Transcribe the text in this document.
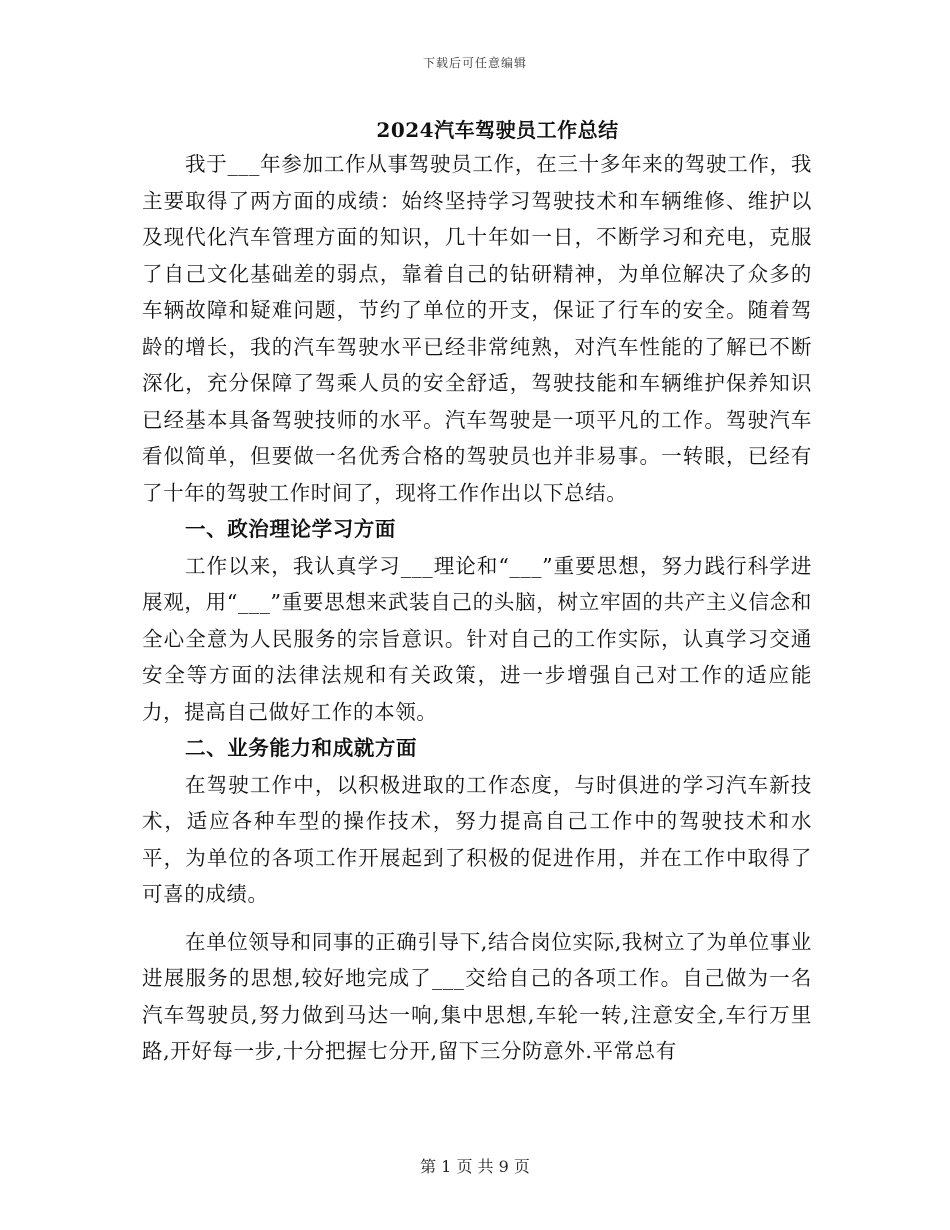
下载后可任意编辑
2024汽车驾驶员工作总结

我于___年参加工作从事驾驶员工作，在三十多年来的驾驶工作，我主要取得了两方面的成绩：始终坚持学习驾驶技术和车辆维修、维护以及现代化汽车管理方面的知识，几十年如一日，不断学习和充电，克服了自己文化基础差的弱点，靠着自己的钻研精神，为单位解决了众多的车辆故障和疑难问题，节约了单位的开支，保证了行车的安全。随着驾龄的增长，我的汽车驾驶水平已经非常纯熟，对汽车性能的了解已不断深化，充分保障了驾乘人员的安全舒适，驾驶技能和车辆维护保养知识已经基本具备驾驶技师的水平。汽车驾驶是一项平凡的工作。驾驶汽车看似简单，但要做一名优秀合格的驾驶员也并非易事。一转眼，已经有了十年的驾驶工作时间了，现将工作作出以下总结。

一、政治理论学习方面

工作以来，我认真学习___理论和“___”重要思想，努力践行科学进展观，用“___”重要思想来武装自己的头脑，树立牢固的共产主义信念和全心全意为人民服务的宗旨意识。针对自己的工作实际，认真学习交通安全等方面的法律法规和有关政策，进一步增强自己对工作的适应能力，提高自己做好工作的本领。

二、业务能力和成就方面

在驾驶工作中，以积极进取的工作态度，与时俱进的学习汽车新技术，适应各种车型的操作技术，努力提高自己工作中的驾驶技术和水平，为单位的各项工作开展起到了积极的促进作用，并在工作中取得了可喜的成绩。

在单位领导和同事的正确引导下,结合岗位实际,我树立了为单位事业进展服务的思想,较好地完成了___交给自己的各项工作。自己做为一名汽车驾驶员,努力做到马达一响,集中思想,车轮一转,注意安全,车行万里路,开好每一步,十分把握七分开,留下三分防意外.平常总有

第 1 页 共 9 页
